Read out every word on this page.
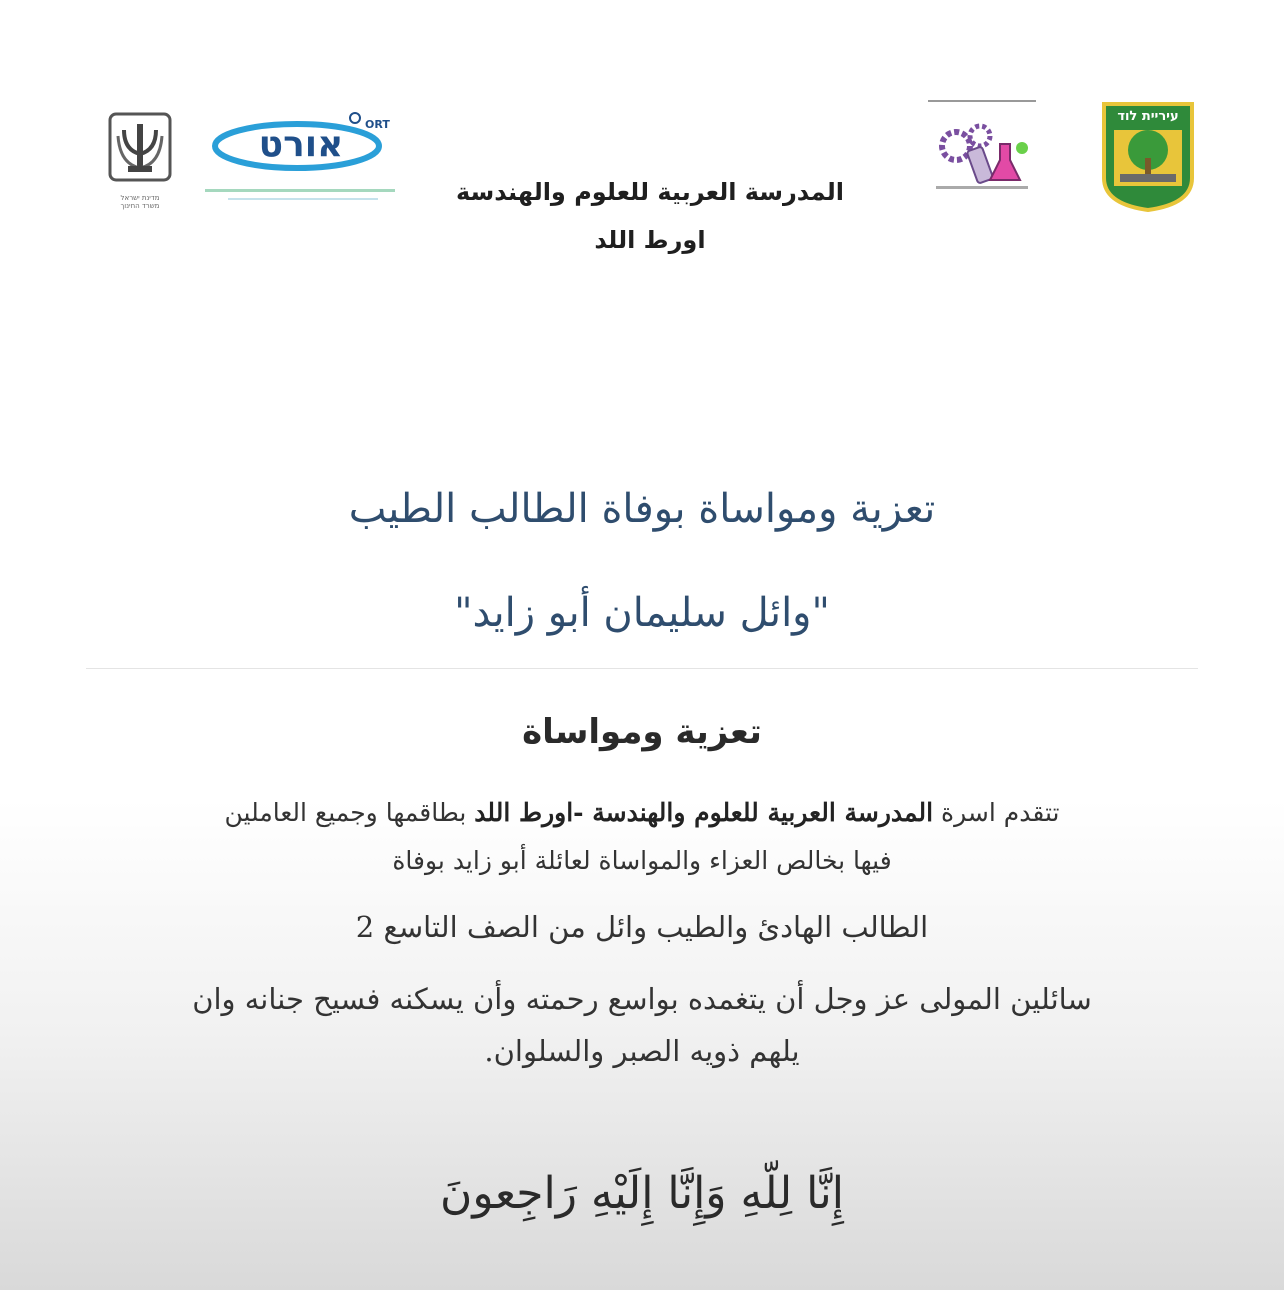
מדינת ישראל
משרד החינוך
אורט ORT
עיריית לוד
المدرسة العربية للعلوم والهندسة
اورط اللد
تعزية ومواساة بوفاة الطالب الطيب
"وائل سليمان أبو زايد"
تعزية ومواساة
تتقدم اسرة المدرسة العربية للعلوم والهندسة -اورط اللد بطاقمها وجميع العاملين
فيها بخالص العزاء والمواساة لعائلة أبو زايد بوفاة
الطالب الهادئ والطيب وائل من الصف التاسع 2
سائلين المولى عز وجل أن يتغمده بواسع رحمته وأن يسكنه فسيح جنانه وان
يلهم ذويه الصبر والسلوان.
إِنَّا لِلّهِ وَإِنَّا إِلَيْهِ رَاجِعونَ
